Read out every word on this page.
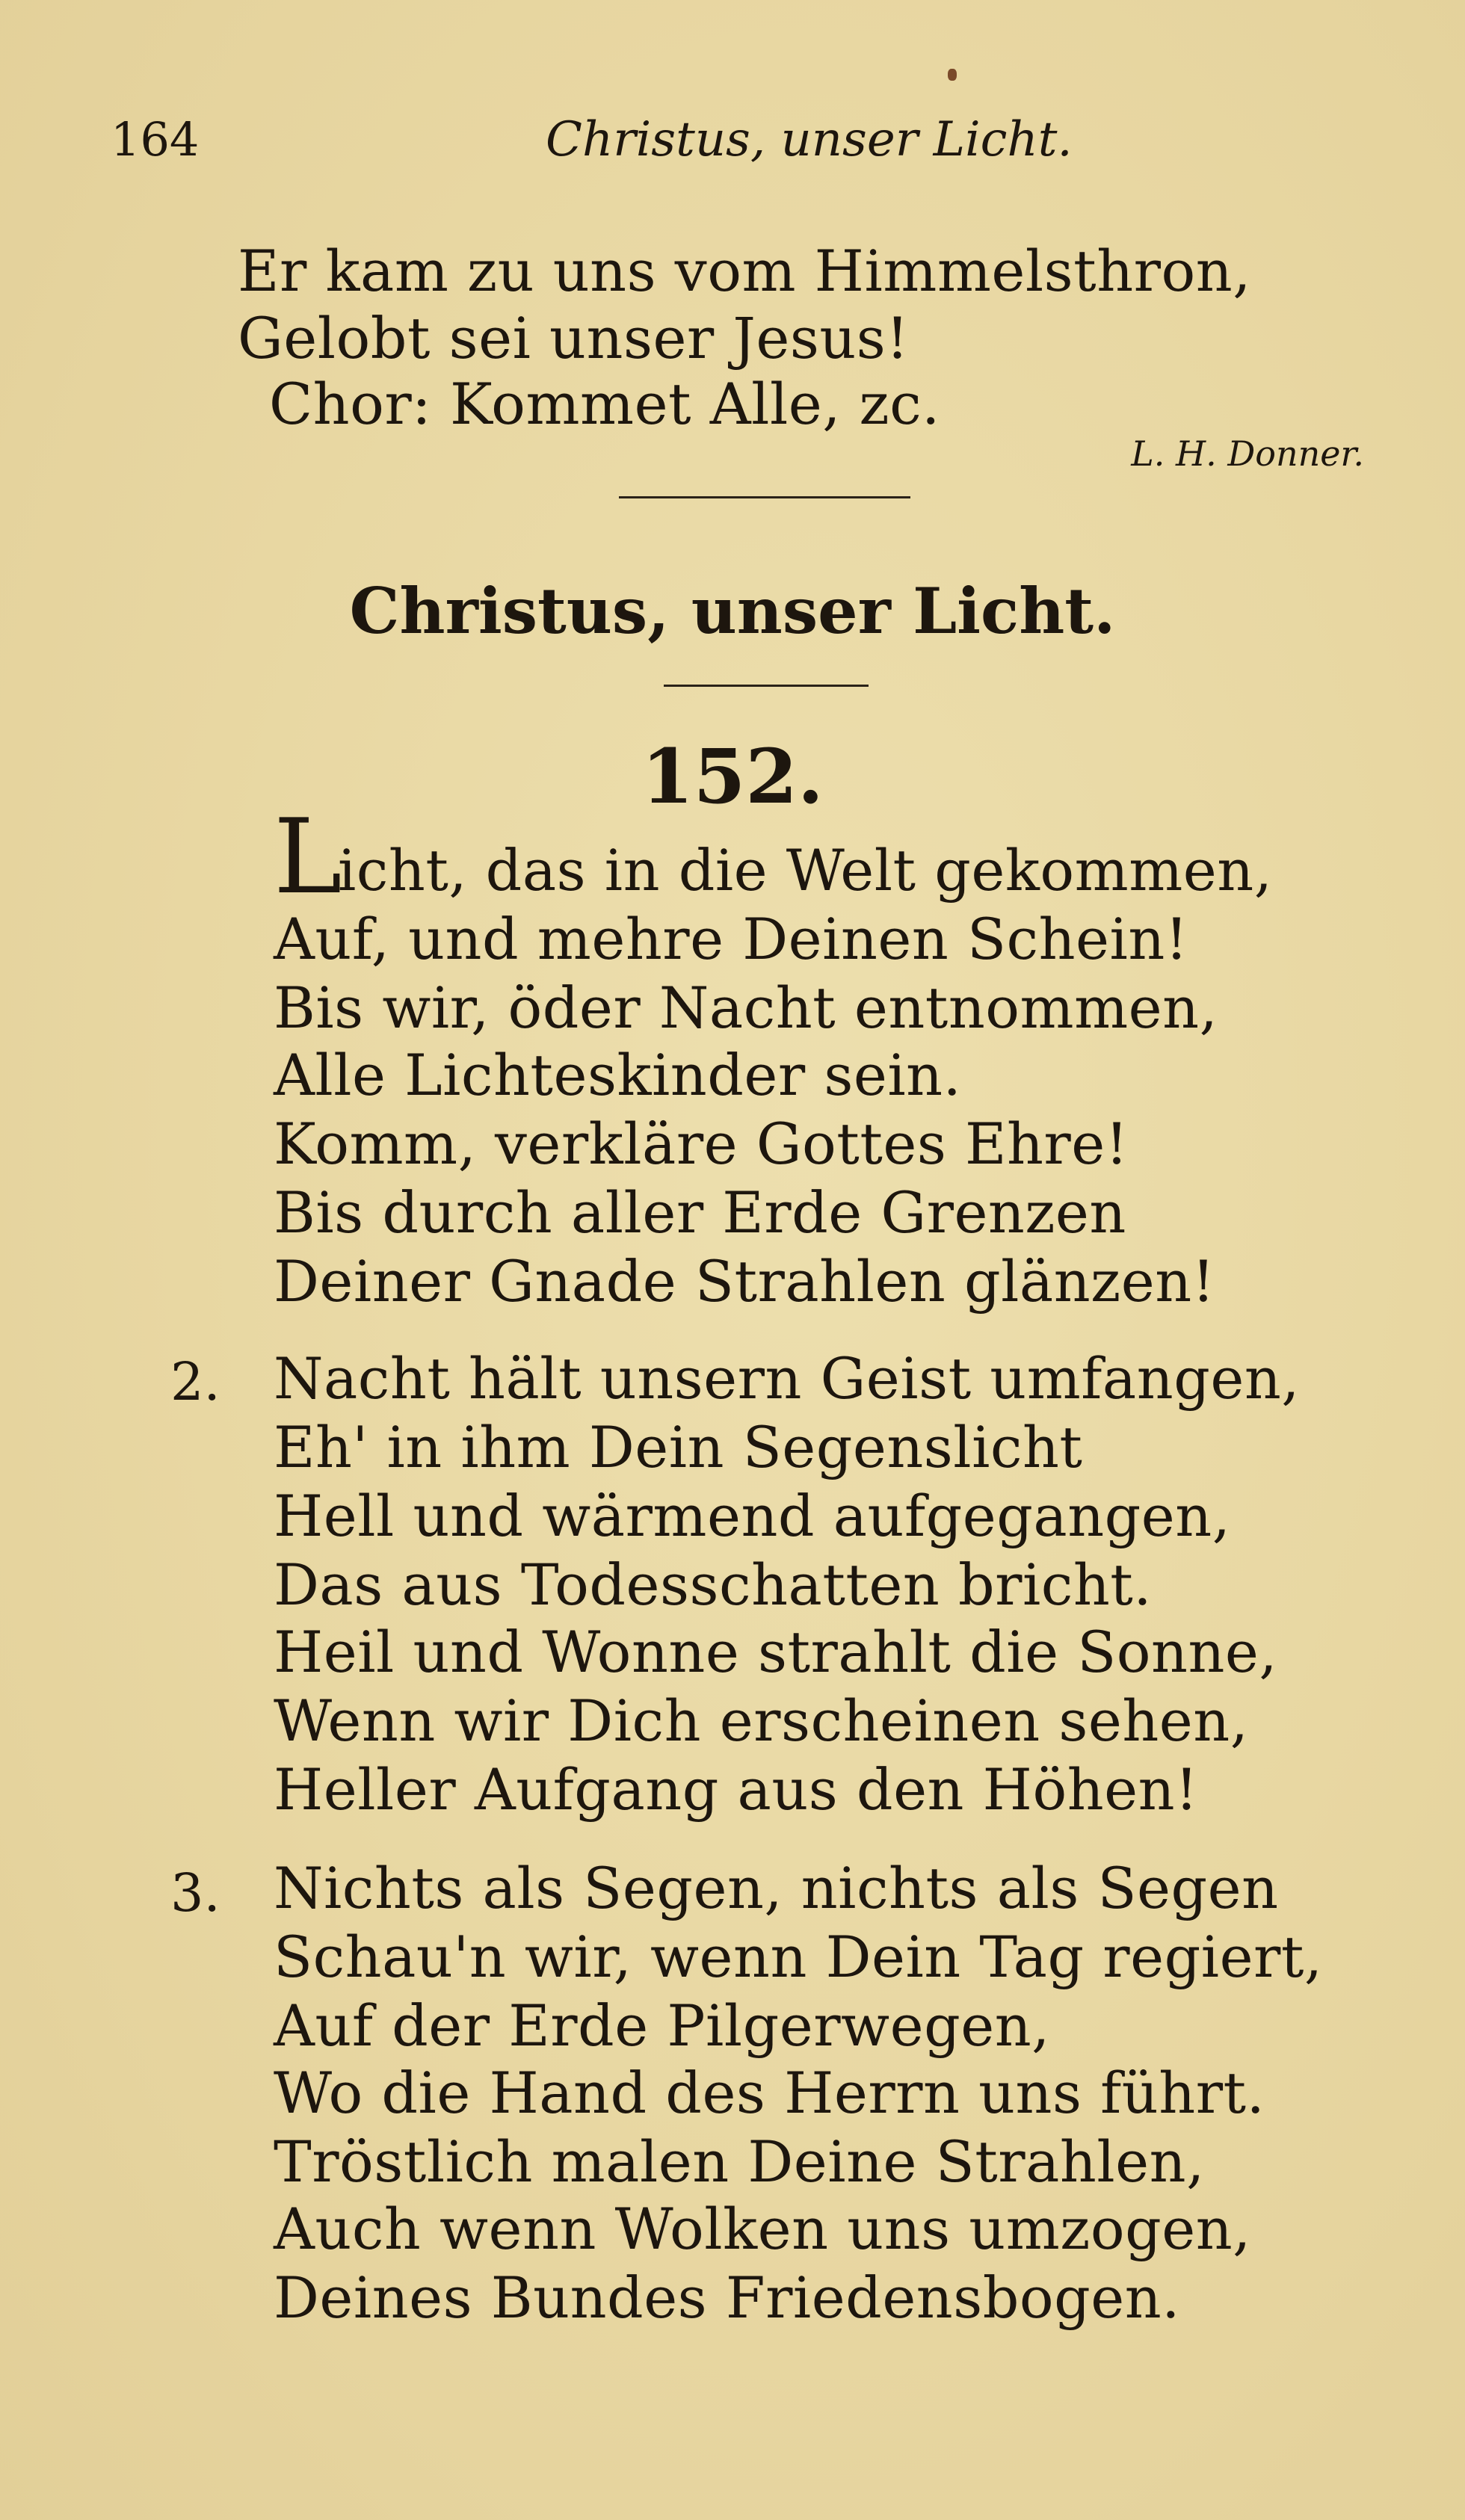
164	Christus, unser Licht.
Er kam zu uns vom Himmelsthron,
Gelobt sei unser Jesus!
Chor: Kommet Alle, zc.
L. H. Donner.
Christus, unser Licht.
152.
L
icht, das in die Welt gekommen,
Auf, und mehre Deinen Schein!
Bis wir, öder Nacht entnommen,
Alle Lichteskinder sein.
Komm, verkläre Gottes Ehre!
Bis durch aller Erde Grenzen
Deiner Gnade Strahlen glänzen!
2. Nacht hält unsern Geist umfangen,
Eh' in ihm Dein Segenslicht
Hell und wärmend aufgegangen,
Das aus Todesschatten bricht.
Heil und Wonne strahlt die Sonne,
Wenn wir Dich erscheinen sehen,
Heller Aufgang aus den Höhen!
3. Nichts als Segen, nichts als Segen
Schau'n wir, wenn Dein Tag regiert,
Auf der Erde Pilgerwegen,
Wo die Hand des Herrn uns führt.
Tröstlich malen Deine Strahlen,
Auch wenn Wolken uns umzogen,
Deines Bundes Friedensbogen.
